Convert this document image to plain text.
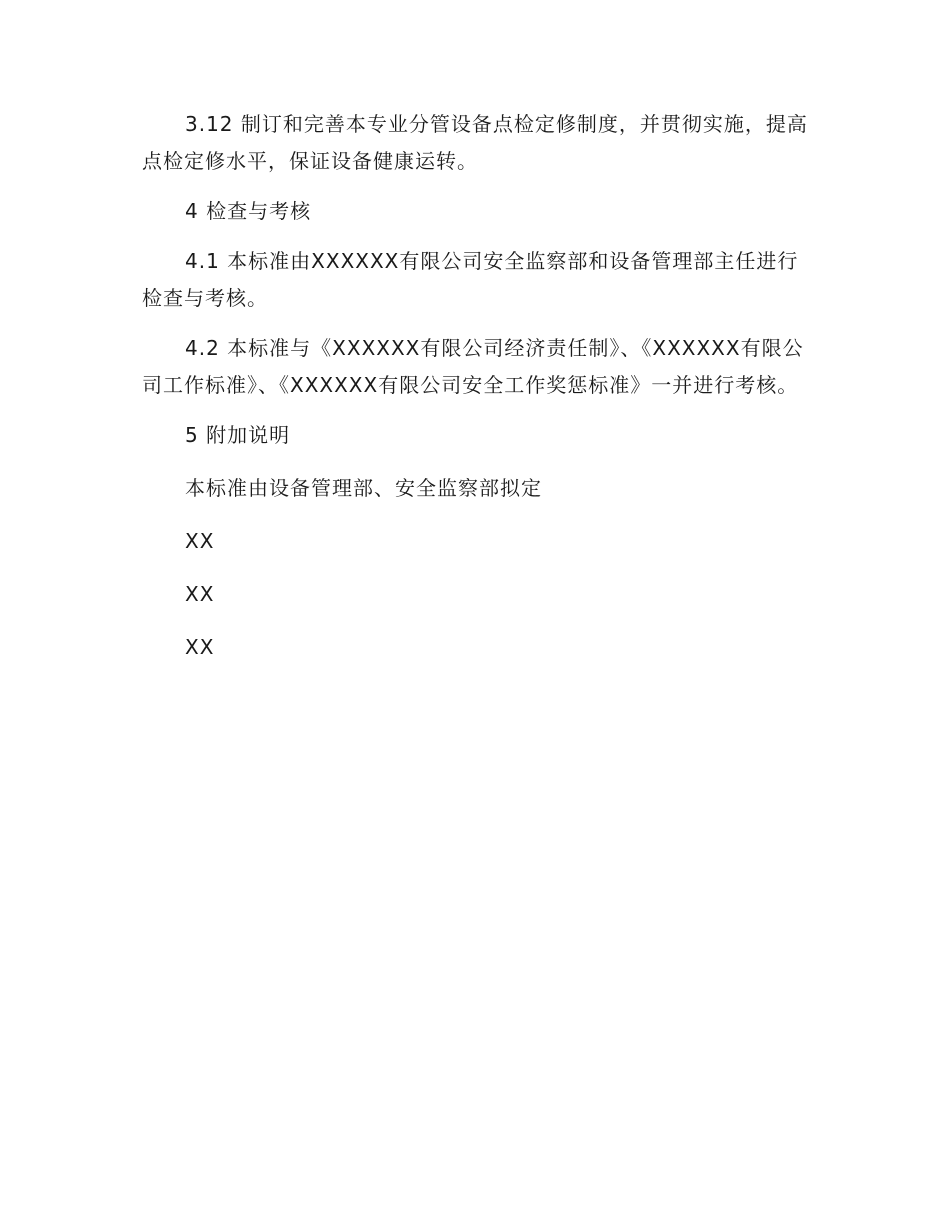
3.12 制订和完善本专业分管设备点检定修制度，并贯彻实施，提高点检定修水平，保证设备健康运转。

4 检查与考核

4.1 本标准由XXXXXX有限公司安全监察部和设备管理部主任进行检查与考核。

4.2 本标准与《XXXXXX有限公司经济责任制》、《XXXXXX有限公司工作标准》、《XXXXXX有限公司安全工作奖惩标准》一并进行考核。

5 附加说明

本标准由设备管理部、安全监察部拟定

XX

XX

XX
